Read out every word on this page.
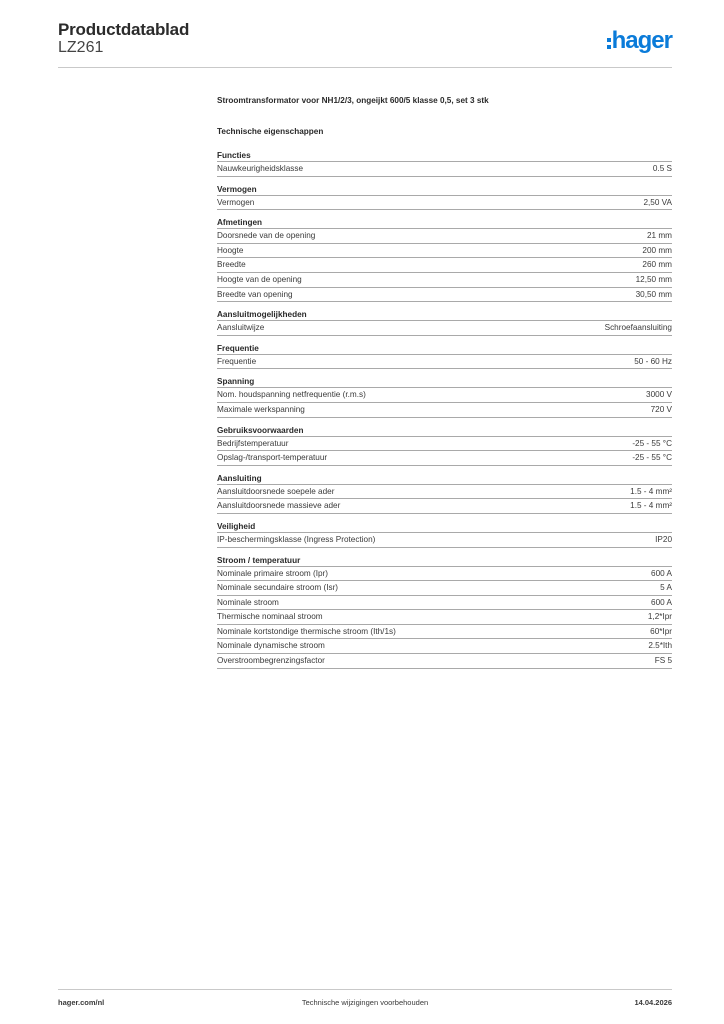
Productdatablad
LZ261	hager
Stroomtransformator voor NH1/2/3, ongeijkt 600/5 klasse 0,5, set 3 stk
Technische eigenschappen
Functies
Nauwkeurigheidsklasse	0.5 S
Vermogen
Vermogen	2,50 VA
Afmetingen
Doorsnede van de opening	21 mm
Hoogte	200 mm
Breedte	260 mm
Hoogte van de opening	12,50 mm
Breedte van opening	30,50 mm
Aansluitmogelijkheden
Aansluitwijze	Schroefaansluiting
Frequentie
Frequentie	50 - 60 Hz
Spanning
Nom. houdspanning netfrequentie (r.m.s)	3000 V
Maximale werkspanning	720 V
Gebruiksvoorwaarden
Bedrijfstemperatuur	-25 - 55 °C
Opslag-/transport-temperatuur	-25 - 55 °C
Aansluiting
Aansluitdoorsnede soepele ader	1.5 - 4 mm²
Aansluitdoorsnede massieve ader	1.5 - 4 mm²
Veiligheid
IP-beschermingsklasse (Ingress Protection)	IP20
Stroom / temperatuur
Nominale primaire stroom (Ipr)	600 A
Nominale secundaire stroom (Isr)	5 A
Nominale stroom	600 A
Thermische nominaal stroom	1,2*Ipr
Nominale kortstondige thermische stroom (Ith/1s)	60*Ipr
Nominale dynamische stroom	2.5*Ith
Overstroombegrenzingsfactor	FS 5
hager.com/nl	Technische wijzigingen voorbehouden	14.04.2026
